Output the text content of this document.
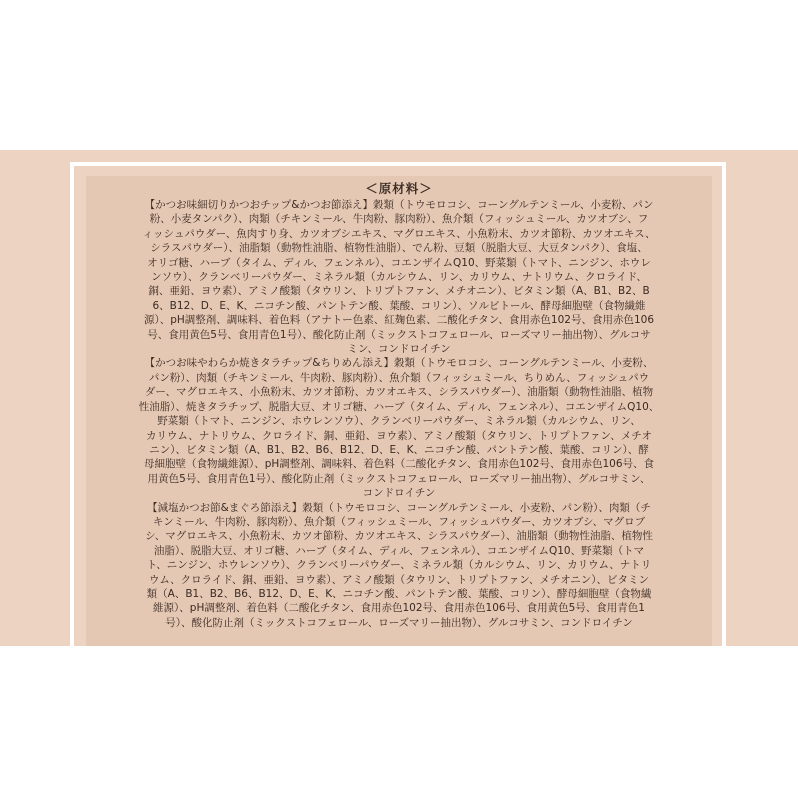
＜原材料＞
【かつお味細切りかつおチップ&かつお節添え】穀類（トウモロコシ、コーングルテンミール、小麦粉、パン
粉、小麦タンパク）、肉類（チキンミール、牛肉粉、豚肉粉）、魚介類（フィッシュミール、カツオブシ、フ
ィッシュパウダー、魚肉すり身、カツオブシエキス、マグロエキス、小魚粉末、カツオ節粉、カツオエキス、
シラスパウダー）、油脂類（動物性油脂、植物性油脂）、でん粉、豆類（脱脂大豆、大豆タンパク）、食塩、
オリゴ糖、ハーブ（タイム、ディル、フェンネル）、コエンザイムQ10、野菜類（トマト、ニンジン、ホウレ
ンソウ）、クランベリーパウダー、ミネラル類（カルシウム、リン、カリウム、ナトリウム、クロライド、
銅、亜鉛、ヨウ素）、アミノ酸類（タウリン、トリプトファン、メチオニン）、ビタミン類（A、B1、B2、B
6、B12、D、E、K、ニコチン酸、パントテン酸、葉酸、コリン）、ソルビトール、酵母細胞壁（食物繊維
源）、pH調整剤、調味料、着色料（アナトー色素、紅麹色素、二酸化チタン、食用赤色102号、食用赤色106
号、食用黄色5号、食用青色1号）、酸化防止剤（ミックストコフェロール、ローズマリー抽出物）、グルコサ
ミン、コンドロイチン
【かつお味やわらか焼きタラチップ&ちりめん添え】穀類（トウモロコシ、コーングルテンミール、小麦粉、
パン粉）、肉類（チキンミール、牛肉粉、豚肉粉）、魚介類（フィッシュミール、ちりめん、フィッシュパウ
ダー、マグロエキス、小魚粉末、カツオ節粉、カツオエキス、シラスパウダー）、油脂類（動物性油脂、植物
性油脂）、焼きタラチップ、脱脂大豆、オリゴ糖、ハーブ（タイム、ディル、フェンネル）、コエンザイムQ10、
野菜類（トマト、ニンジン、ホウレンソウ）、クランベリーパウダー、ミネラル類（カルシウム、リン、
カリウム、ナトリウム、クロライド、銅、亜鉛、ヨウ素）、アミノ酸類（タウリン、トリプトファン、メチオ
ニン）、ビタミン類（A、B1、B2、B6、B12、D、E、K、ニコチン酸、パントテン酸、葉酸、コリン）、酵
母細胞壁（食物繊維源）、pH調整剤、調味料、着色料（二酸化チタン、食用赤色102号、食用赤色106号、食
用黄色5号、食用青色1号）、酸化防止剤（ミックストコフェロール、ローズマリー抽出物）、グルコサミン、
コンドロイチン
【減塩かつお節&まぐろ節添え】穀類（トウモロコシ、コーングルテンミール、小麦粉、パン粉）、肉類（チ
キンミール、牛肉粉、豚肉粉）、魚介類（フィッシュミール、フィッシュパウダー、カツオブシ、マグロブ
シ、マグロエキス、小魚粉末、カツオ節粉、カツオエキス、シラスパウダー）、油脂類（動物性油脂、植物性
油脂）、脱脂大豆、オリゴ糖、ハーブ（タイム、ディル、フェンネル）、コエンザイムQ10、野菜類（トマ
ト、ニンジン、ホウレンソウ）、クランベリーパウダー、ミネラル類（カルシウム、リン、カリウム、ナトリ
ウム、クロライド、銅、亜鉛、ヨウ素）、アミノ酸類（タウリン、トリプトファン、メチオニン）、ビタミン
類（A、B1、B2、B6、B12、D、E、K、ニコチン酸、パントテン酸、葉酸、コリン）、酵母細胞壁（食物繊
維源）、pH調整剤、着色料（二酸化チタン、食用赤色102号、食用赤色106号、食用黄色5号、食用青色1
号）、酸化防止剤（ミックストコフェロール、ローズマリー抽出物）、グルコサミン、コンドロイチン
